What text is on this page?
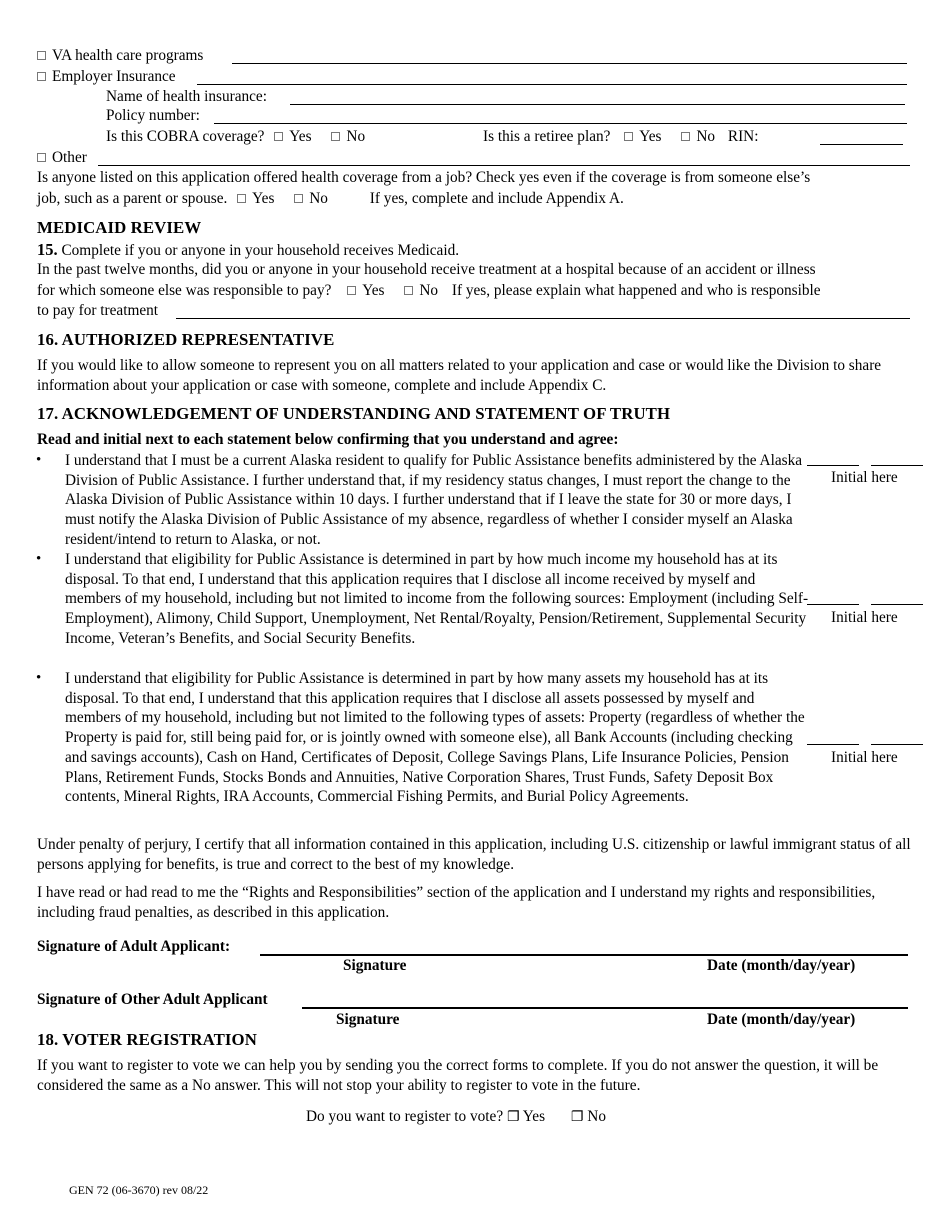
VA health care programs
Employer Insurance
Name of health insurance:
Policy number:
Is this COBRA coverage? Yes No	Is this a retiree plan? Yes No RIN:
Other
Is anyone listed on this application offered health coverage from a job? Check yes even if the coverage is from someone else’s
job, such as a parent or spouse. Yes No	If yes, complete and include Appendix A.
MEDICAID REVIEW
15. Complete if you or anyone in your household receives Medicaid.
In the past twelve months, did you or anyone in your household receive treatment at a hospital because of an accident or illness
for which someone else was responsible to pay? Yes No If yes, please explain what happened and who is responsible
to pay for treatment
16. AUTHORIZED REPRESENTATIVE
If you would like to allow someone to represent you on all matters related to your application and case or would like the Division to share information about your application or case with someone, complete and include Appendix C.
17. ACKNOWLEDGEMENT OF UNDERSTANDING AND STATEMENT OF TRUTH
Read and initial next to each statement below confirming that you understand and agree:
• I understand that I must be a current Alaska resident to qualify for Public Assistance benefits administered by the Alaska Division of Public Assistance. I further understand that, if my residency status changes, I must report the change to the Alaska Division of Public Assistance within 10 days. I further understand that if I leave the state for 30 or more days, I must notify the Alaska Division of Public Assistance of my absence, regardless of whether I consider myself an Alaska resident/intend to return to Alaska, or not.
Initial here
• I understand that eligibility for Public Assistance is determined in part by how much income my household has at its disposal. To that end, I understand that this application requires that I disclose all income received by myself and members of my household, including but not limited to income from the following sources: Employment (including Self-Employment), Alimony, Child Support, Unemployment, Net Rental/Royalty, Pension/Retirement, Supplemental Security Income, Veteran’s Benefits, and Social Security Benefits.
Initial here
• I understand that eligibility for Public Assistance is determined in part by how many assets my household has at its disposal. To that end, I understand that this application requires that I disclose all assets possessed by myself and members of my household, including but not limited to the following types of assets: Property (regardless of whether the Property is paid for, still being paid for, or is jointly owned with someone else), all Bank Accounts (including checking and savings accounts), Cash on Hand, Certificates of Deposit, College Savings Plans, Life Insurance Policies, Pension Plans, Retirement Funds, Stocks Bonds and Annuities, Native Corporation Shares, Trust Funds, Safety Deposit Box contents, Mineral Rights, IRA Accounts, Commercial Fishing Permits, and Burial Policy Agreements.
Initial here
Under penalty of perjury, I certify that all information contained in this application, including U.S. citizenship or lawful immigrant status of all persons applying for benefits, is true and correct to the best of my knowledge.
I have read or had read to me the “Rights and Responsibilities” section of the application and I understand my rights and responsibilities, including fraud penalties, as described in this application.
Signature of Adult Applicant:
Signature	Date (month/day/year)
Signature of Other Adult Applicant
Signature	Date (month/day/year)
18. VOTER REGISTRATION
If you want to register to vote we can help you by sending you the correct forms to complete. If you do not answer the question, it will be considered the same as a No answer. This will not stop your ability to register to vote in the future.
Do you want to register to vote? ❐ Yes ❐ No
GEN 72 (06-3670) rev 08/22
